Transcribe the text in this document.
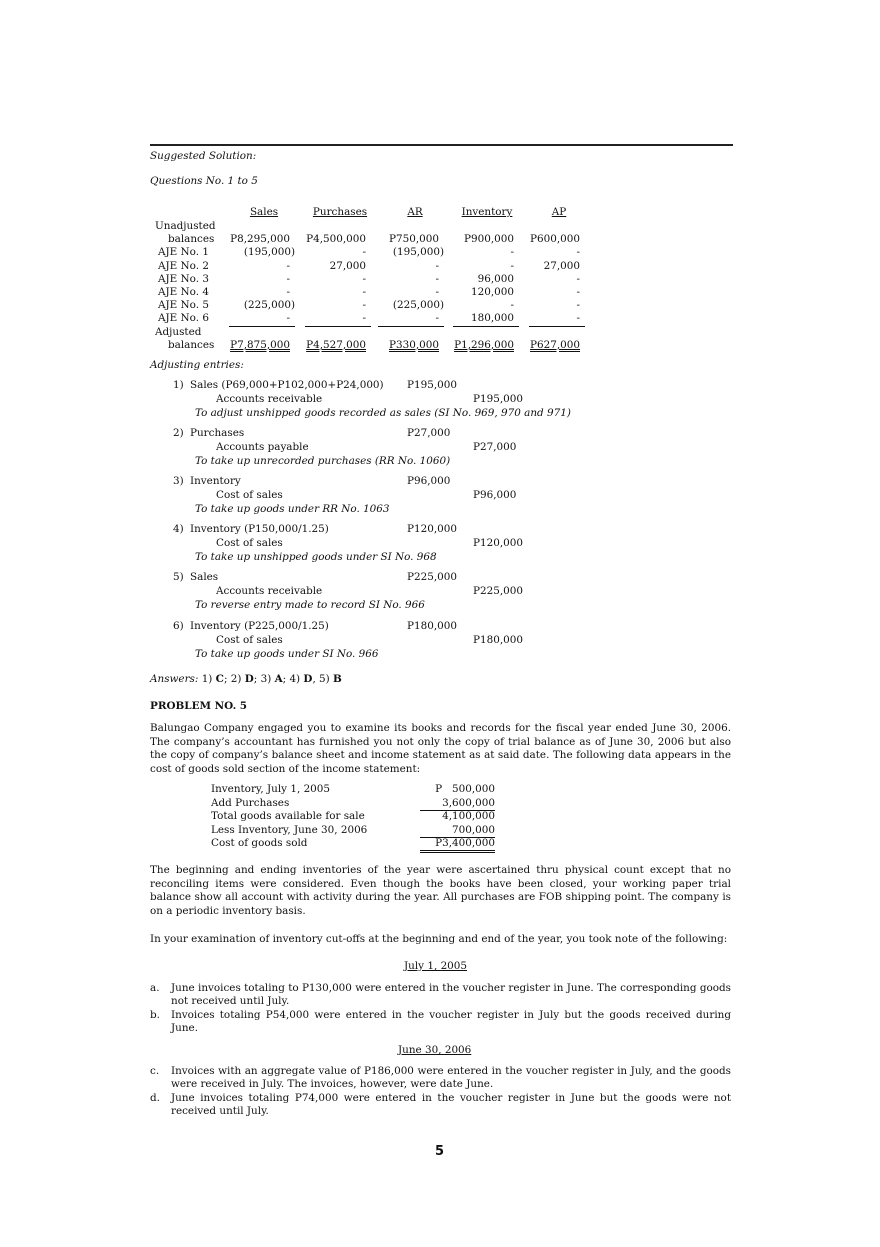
Suggested Solution:
Questions No. 1 to 5
Adjusting entries:
Answers: 1) C; 2) D; 3) A; 4) D, 5) B
PROBLEM NO. 5
Balungao Company engaged you to examine its books and records for the fiscal year ended June 30, 2006. The company’s accountant has furnished you not only the copy of trial balance as of June 30, 2006 but also the copy of company’s balance sheet and income statement as at said date. The following data appears in the cost of goods sold section of the income statement:
The beginning and ending inventories of the year were ascertained thru physical count except that no reconciling items were considered. Even though the books have been closed, your working paper trial balance show all account with activity during the year. All purchases are FOB shipping point. The company is on a periodic inventory basis.
In your examination of inventory cut-offs at the beginning and end of the year, you took note of the following:
July 1, 2005
June 30, 2006
5
Sales	Purchases	AR	Inventory	AP
Unadjusted
balances P8,295,000	P4,500,000	P750,000	P900,000	P600,000
AJE No. 1	(195,000)	-	(195,000)	-	-
AJE No. 2	-	27,000	-	-	27,000
AJE No. 3	-	-	-	96,000	-
AJE No. 4	-	-	-	120,000	-
AJE No. 5	(225,000)	-	(225,000)	-	-
AJE No. 6	-	-	-	180,000	-
Adjusted
balances P7,875,000	P4,527,000	P330,000	P1,296,000	P627,000
1) Sales (P69,000+P102,000+P24,000) P195,000
Accounts receivable	P195,000
To adjust unshipped goods recorded as sales (SI No. 969, 970 and 971)
2) Purchases	P27,000
Accounts payable	P27,000
To take up unrecorded purchases (RR No. 1060)
3) Inventory	P96,000
Cost of sales	P96,000
To take up goods under RR No. 1063
4) Inventory (P150,000/1.25)	P120,000
Cost of sales	P120,000
To take up unshipped goods under SI No. 968
5) Sales	P225,000
Accounts receivable	P225,000
To reverse entry made to record SI No. 966
6) Inventory (P225,000/1.25)	P180,000
Cost of sales	P180,000
To take up goods under SI No. 966
Inventory, July 1, 2005	P   500,000
Add Purchases	3,600,000
Total goods available for sale	4,100,000
Less Inventory, June 30, 2006	700,000
Cost of goods sold	P3,400,000
a. June invoices totaling to P130,000 were entered in the voucher register in June. The corresponding goods not received until July.
b. Invoices totaling P54,000 were entered in the voucher register in July but the goods received during June.
c. Invoices with an aggregate value of P186,000 were entered in the voucher register in July, and the goods were received in July. The invoices, however, were date June.
d. June invoices totaling P74,000 were entered in the voucher register in June but the goods were not received until July.
